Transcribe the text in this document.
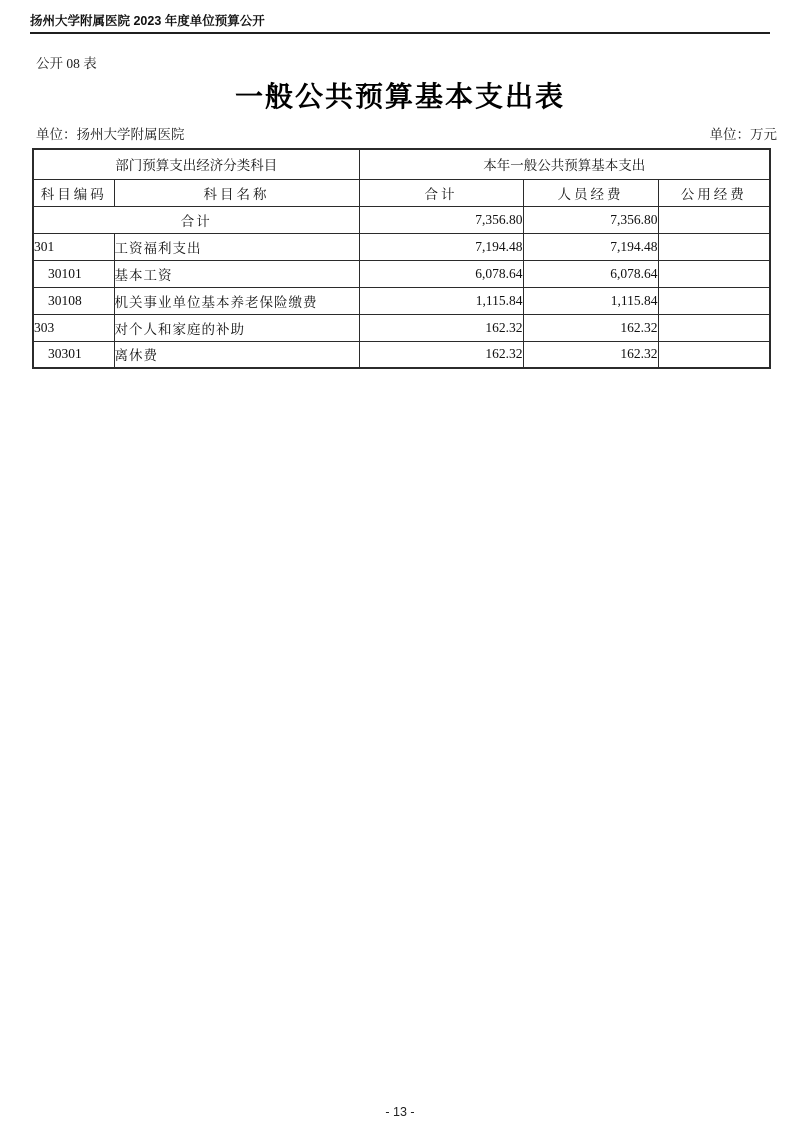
扬州大学附属医院 2023 年度单位预算公开
公开 08 表
一般公共预算基本支出表
单位：扬州大学附属医院	单位：万元
部门预算支出经济分类科目		本年一般公共预算基本支出		
科目编码	科目名称	合计	人员经费	公用经费
合计		7,356.80	7,356.80	
301	工资福利支出	7,194.48	7,194.48	
30101	基本工资	6,078.64	6,078.64	
30108	机关事业单位基本养老保险缴费	1,115.84	1,115.84	
303	对个人和家庭的补助	162.32	162.32	
30301	离休费	162.32	162.32	
- 13 -
